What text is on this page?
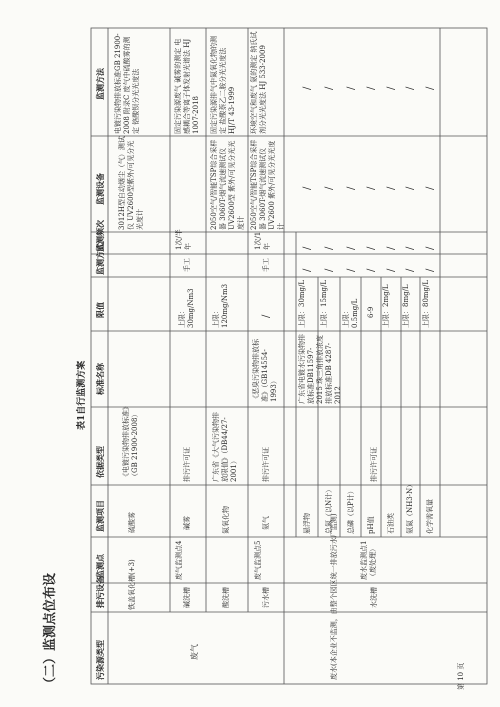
（二）监测点位布设
表1自行监测方案
污染源类型
排污设备
监测点
监测项目
依据类型
标准名称
限值
监测方式
监测频次
监测设备
监测方法
废气
铁盖氧化槽(+3)
硫酸雾
《电镀污染物排放标准》（GB 21900-2008）
3012H型自动烟尘（气）测试仪 UV2600型紫外/可见分光光度计
电镀污染物排放标准GB 21900-2008 附录C 废气中硫酸雾的测定 铬酸钡分光光度法
碱洗槽
废气监测点4
碱雾
排污许可证
上限：30mg/Nm3
手工
1次/半年
固定污染源废气 碱雾的测定 电感耦合等离子体发射光谱法 HJ 1007-2018
酸洗槽
氮氧化物
广东省《大气污染物排放限值》（DB44/27-2001）
上限：120mg/Nm3
2050空气/智能TSP综合采样器 3060T-烟气流速测试仪 UV2600型 紫外/可见分光光度计
固定污染源排气中氮氧化物的测定 盐酸萘乙二胺分光光度法 HJ/T 43-1999
污水槽
废气监测点5
氨气
排污许可证
《恶臭污染物排放标准》（GB14554-1993）
/
手工
1次/1年
2050空气/智能TSP综合采样器 3060T-烟气流速测试仪 UV2600 紫外/可见分光光度计
环境空气和废气 氨的测定 纳氏试剂分光光度法 HJ 533-2009
废水(本企业不监测，由整个园区统一排放污水厂监测)	水洗槽
废水监测点1（废处理）
排污许可证
广东省电镀水污染物排放标准DB11597-2015 珠三角排放浓度 排放标准DB 4287-2012
悬浮物
上限：30mg/L
总氮（以N计）
上限：15mg/L
总磷（以P计）
上限：0.5mg/L
pH值
6-9
石油类
上限：2mg/L
氨氮（NH3-N）
上限：8mg/L
化学需氧量
上限：80mg/L
/
/
/
/
/
/
/
/
/
/
/
/
/
/
/
/
/
/
/
/
/
/
/
/
/
/
/
/
第 10 页
